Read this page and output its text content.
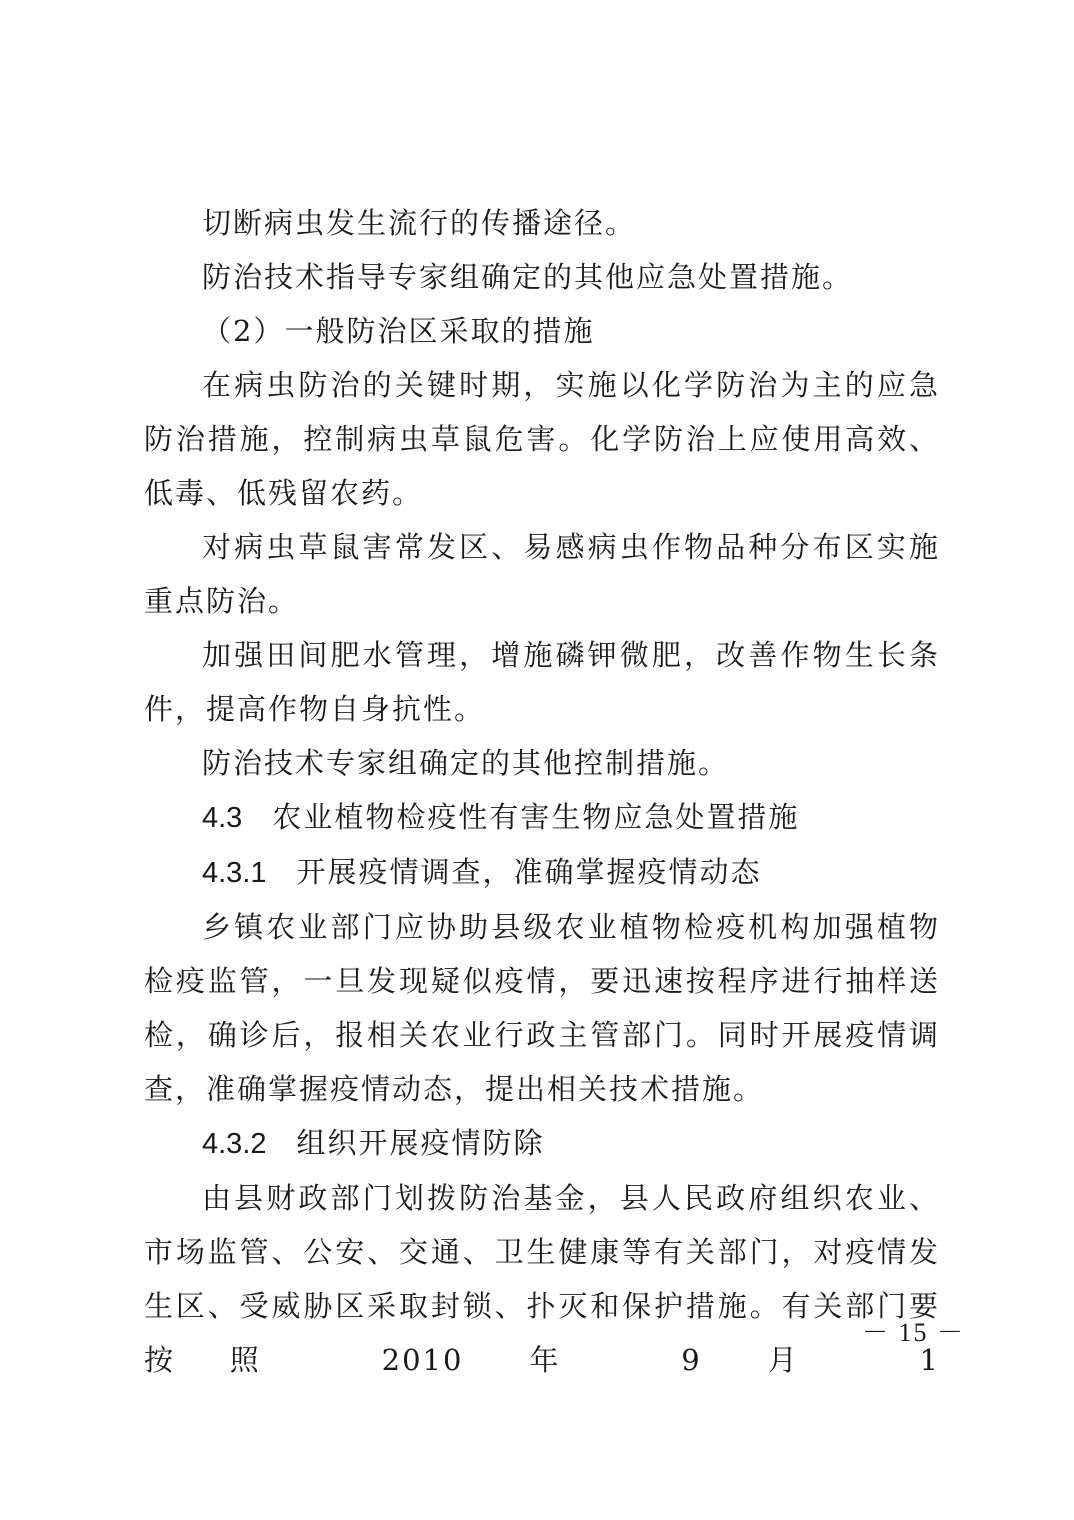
切断病虫发生流行的传播途径。

防治技术指导专家组确定的其他应急处置措施。

（2）一般防治区采取的措施

在病虫防治的关键时期，实施以化学防治为主的应急防治措施，控制病虫草鼠危害。化学防治上应使用高效、低毒、低残留农药。

对病虫草鼠害常发区、易感病虫作物品种分布区实施重点防治。

加强田间肥水管理，增施磷钾微肥，改善作物生长条件，提高作物自身抗性。

防治技术专家组确定的其他控制措施。

4.3 农业植物检疫性有害生物应急处置措施

4.3.1 开展疫情调查，准确掌握疫情动态

乡镇农业部门应协助县级农业植物检疫机构加强植物检疫监管，一旦发现疑似疫情，要迅速按程序进行抽样送检，确诊后，报相关农业行政主管部门。同时开展疫情调查，准确掌握疫情动态，提出相关技术措施。

4.3.2 组织开展疫情防除

由县财政部门划拨防治基金，县人民政府组织农业、市场监管、公安、交通、卫生健康等有关部门，对疫情发生区、受威胁区采取封锁、扑灭和保护措施。有关部门要按照 2010 年 9 月 1

－ 15 －
